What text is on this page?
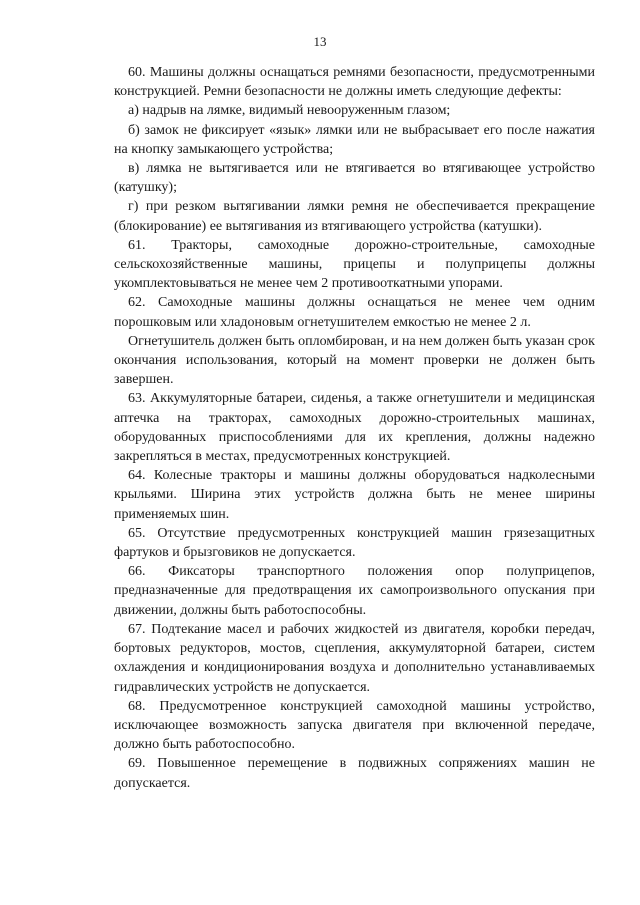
13

60. Машины должны оснащаться ремнями безопасности, предусмотренными конструкцией. Ремни безопасности не должны иметь следующие дефекты:

а) надрыв на лямке, видимый невооруженным глазом;

б) замок не фиксирует «язык» лямки или не выбрасывает его после нажатия на кнопку замыкающего устройства;

в) лямка не вытягивается или не втягивается во втягивающее устройство (катушку);

г) при резком вытягивании лямки ремня не обеспечивается прекращение (блокирование) ее вытягивания из втягивающего устройства (катушки).

61. Тракторы, самоходные дорожно-строительные, самоходные сельскохозяйственные машины, прицепы и полуприцепы должны укомплектовываться не менее чем 2 противооткатными упорами.

62. Самоходные машины должны оснащаться не менее чем одним порошковым или хладоновым огнетушителем емкостью не менее 2 л.

Огнетушитель должен быть опломбирован, и на нем должен быть указан срок окончания использования, который на момент проверки не должен быть завершен.

63. Аккумуляторные батареи, сиденья, а также огнетушители и медицинская аптечка на тракторах, самоходных дорожно-строительных машинах, оборудованных приспособлениями для их крепления, должны надежно закрепляться в местах, предусмотренных конструкцией.

64. Колесные тракторы и машины должны оборудоваться надколесными крыльями. Ширина этих устройств должна быть не менее ширины применяемых шин.

65. Отсутствие предусмотренных конструкцией машин грязезащитных фартуков и брызговиков не допускается.

66. Фиксаторы транспортного положения опор полуприцепов, предназначенные для предотвращения их самопроизвольного опускания при движении, должны быть работоспособны.

67. Подтекание масел и рабочих жидкостей из двигателя, коробки передач, бортовых редукторов, мостов, сцепления, аккумуляторной батареи, систем охлаждения и кондиционирования воздуха и дополнительно устанавливаемых гидравлических устройств не допускается.

68. Предусмотренное конструкцией самоходной машины устройство, исключающее возможность запуска двигателя при включенной передаче, должно быть работоспособно.

69. Повышенное перемещение в подвижных сопряжениях машин не допускается.
